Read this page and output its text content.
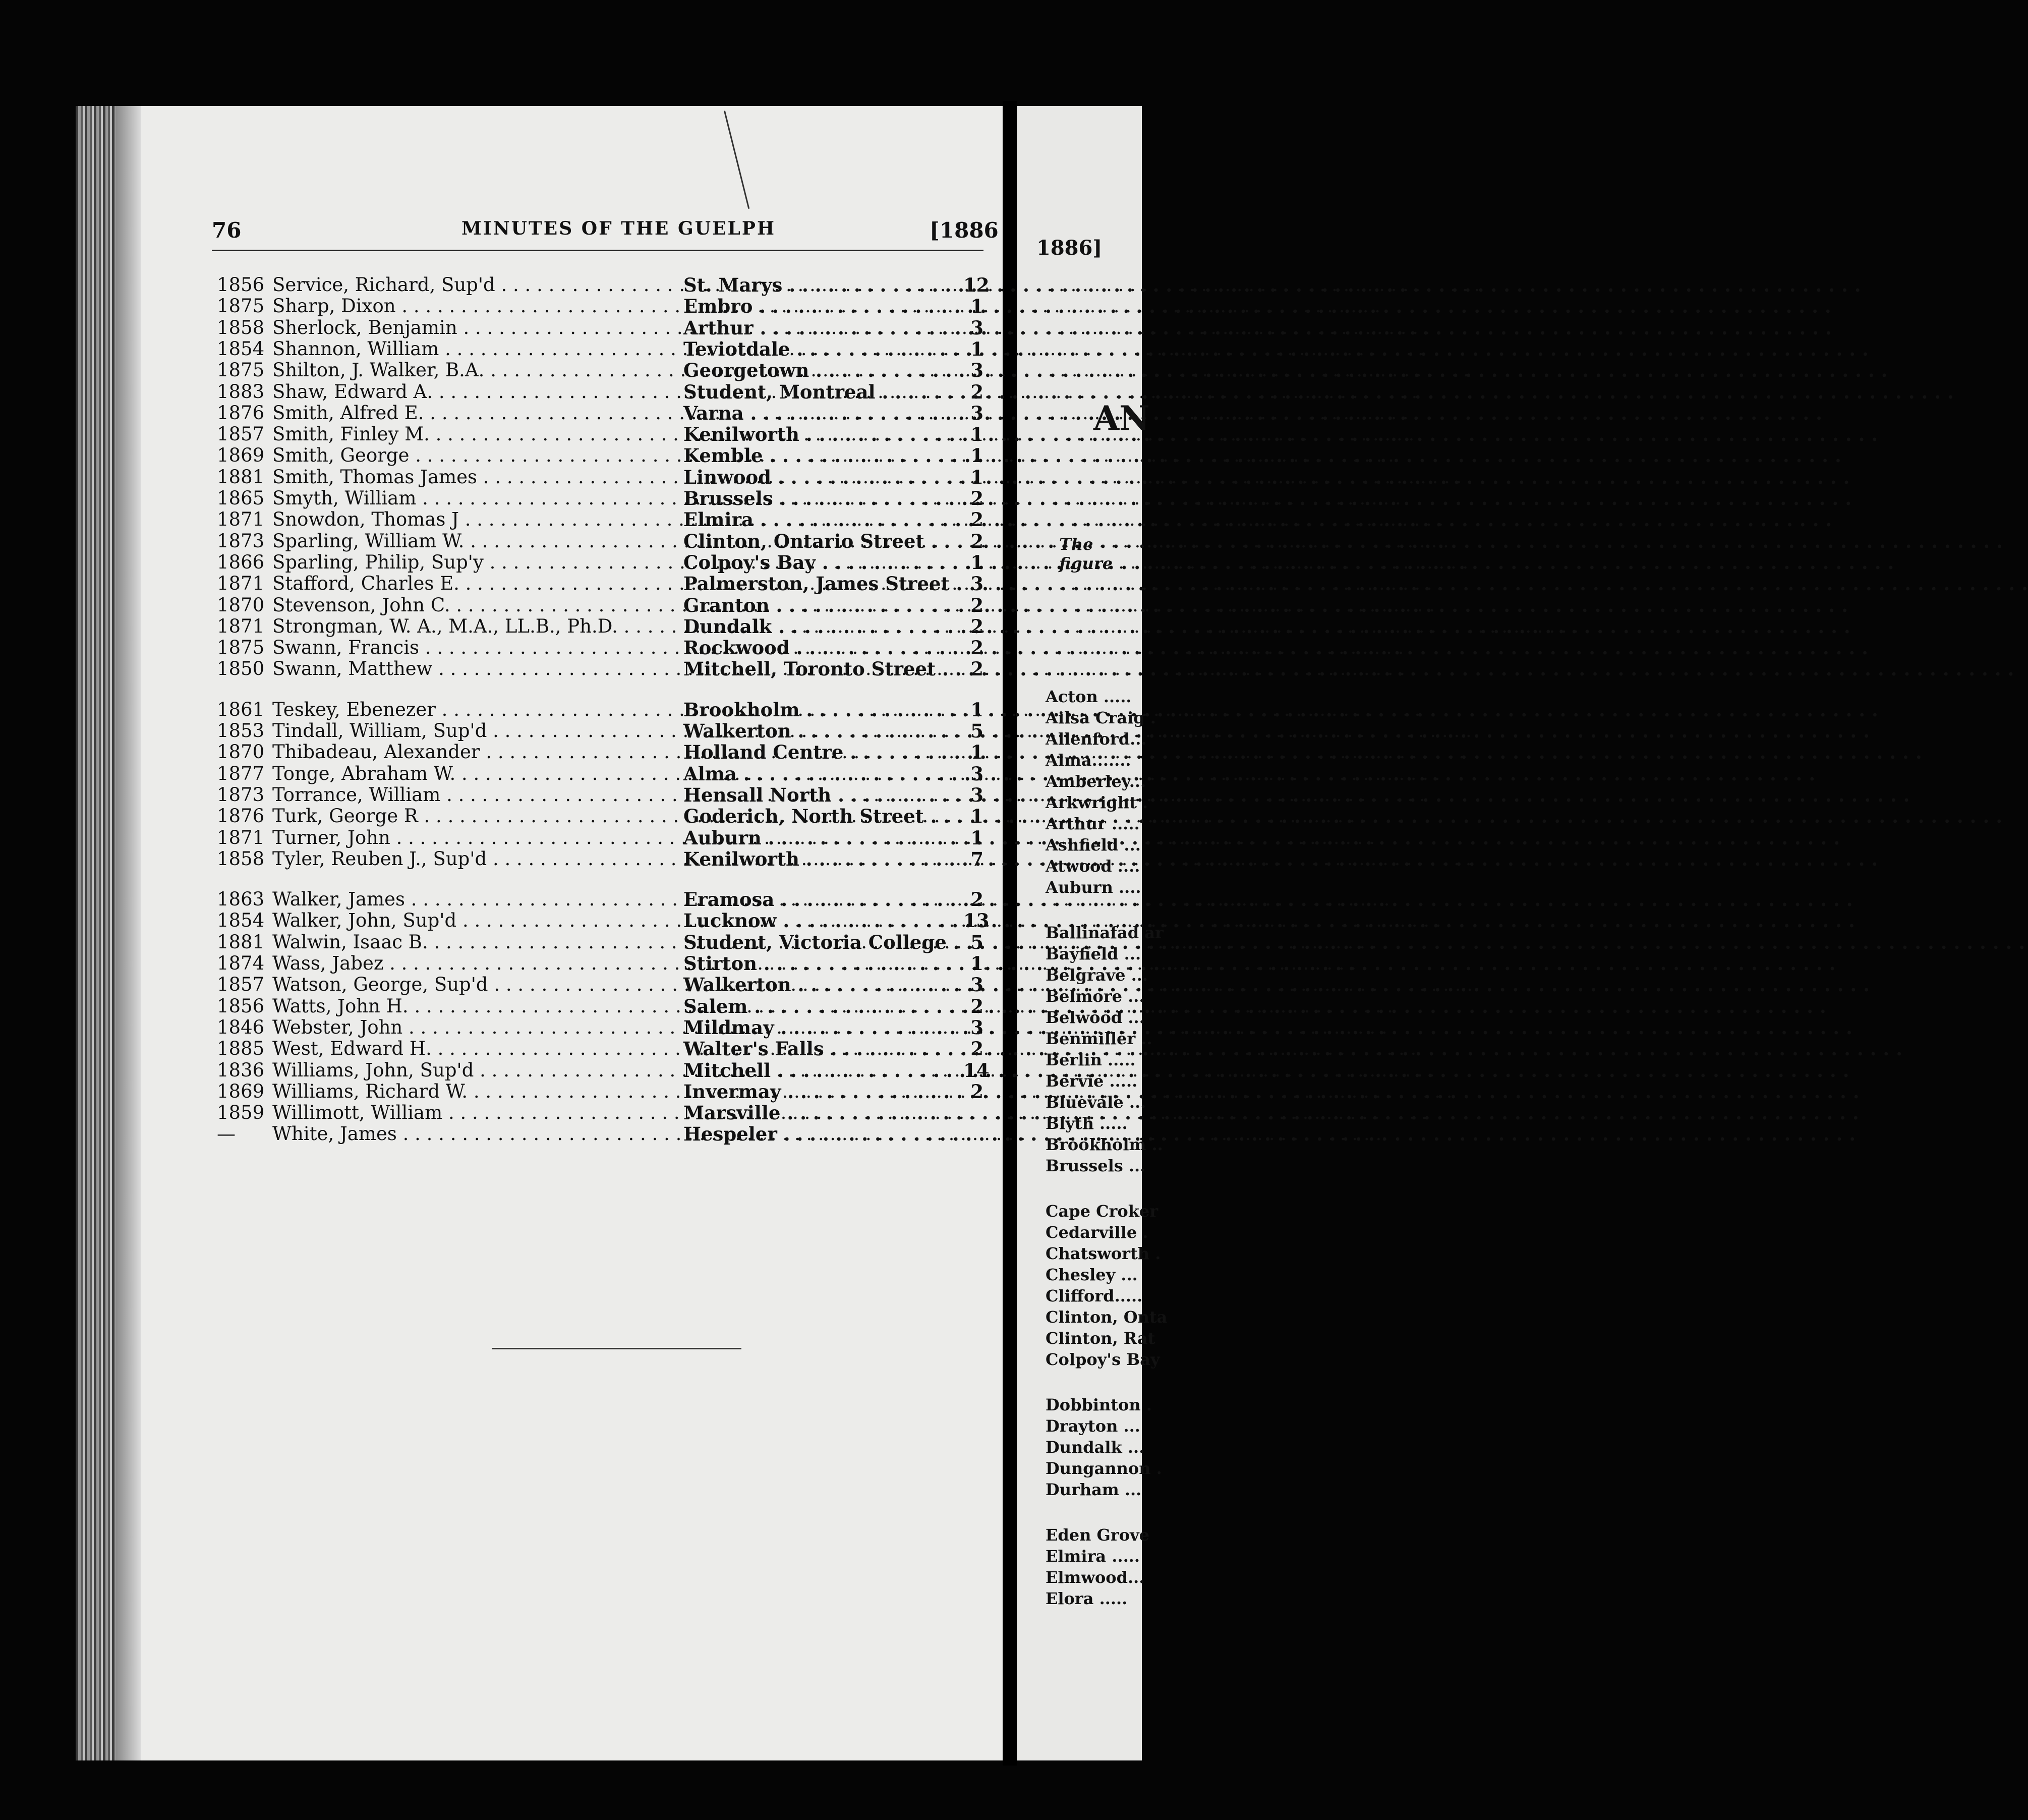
76	MINUTES OF THE GUELPH	[1886
1856 Service, Richard, Sup'd . . .	St. Marys . . .	12
1875 Sharp, Dixon . . .	Embro . . .	1
1858 Sherlock, Benjamin . . .	Arthur . . .	3
1854 Shannon, William . . .	Teviotdale . . .	1
1875 Shilton, J. Walker, B.A. . . .	Georgetown . . .	3
1883 Shaw, Edward A. . . .	Student, Montreal . . .	2
1876 Smith, Alfred E. . . .	Varna . . .	3
1857 Smith, Finley M. . . .	Kenilworth . . .	1
1869 Smith, George . . .	Kemble . . .	1
1881 Smith, Thomas James . . .	Linwood . . .	1
1865 Smyth, William . . .	Brussels . . .	2
1871 Snowdon, Thomas J . . .	Elmira . . .	2
1873 Sparling, William W. . . .	Clinton, Ontario Street . . .	2
1866 Sparling, Philip, Sup'y . . .	Colpoy's Bay . . .	1
1871 Stafford, Charles E. . . .	Palmerston, James Street . . .	3
1870 Stevenson, John C. . . .	Granton . . .	2
1871 Strongman, W. A., M.A., LL.B., Ph.D. . . .	Dundalk . . .	2
1875 Swann, Francis . . .	Rockwood . . .	2
1850 Swann, Matthew . . .	Mitchell, Toronto Street . . .	2
1861 Teskey, Ebenezer . . .	Brookholm . . .	1
1853 Tindall, William, Sup'd . . .	Walkerton . . .	5
1870 Thibadeau, Alexander . . .	Holland Centre . . .	1
1877 Tonge, Abraham W. . . .	Alma . . .	3
1873 Torrance, William . . .	Hensall North . . .	3
1876 Turk, George R . . .	Goderich, North Street . . .	1
1871 Turner, John . . .	Auburn . . .	1
1858 Tyler, Reuben J., Sup'd . . .	Kenilworth . . .	7
1863 Walker, James . . .	Eramosa . . .	2
1854 Walker, John, Sup'd . . .	Lucknow . . .	13
1881 Walwin, Isaac B. . . .	Student, Victoria College . . .	5
1874 Wass, Jabez . . .	Stirton . . .	1
1857 Watson, George, Sup'd . . .	Walkerton . . .	3
1856 Watts, John H. . . .	Salem . . .	2
1846 Webster, John . . .	Mildmay . . .	3
1885 West, Edward H. . . .	Walter's Falls . . .	2
1836 Williams, John, Sup'd . . .	Mitchell . . .	14
1869 Williams, Richard W. . . .	Invermay . . .	2
1859 Willimott, William . . .	Marsville . . .
—	White, James . . .	Hespeler . . .
1886]
AN
The figure
Acton .....
Ailsa Craig .
Allenford...
Alma.......
Amberley...
Arkwright .
Arthur .....
Ashfield ...
Atwood ....
Auburn ....
Ballinafad ar
Bayfield ...
Belgrave ...
Belmore ...
Belwood ...
Benmiller ..
Berlin .....
Bervie .....
Bluevale ...
Blyth .....
Brookholm ..
Brussels ...
Cape Croker
Cedarville .
Chatsworth .
Chesley ...
Clifford.....
Clinton, Onta
Clinton, Rat
Colpoy's Bay
Dobbinton .
Drayton ...
Dundalk ...
Dungannon .
Durham ...
Eden Grove
Elmira .....
Elmwood...
Elora .....
